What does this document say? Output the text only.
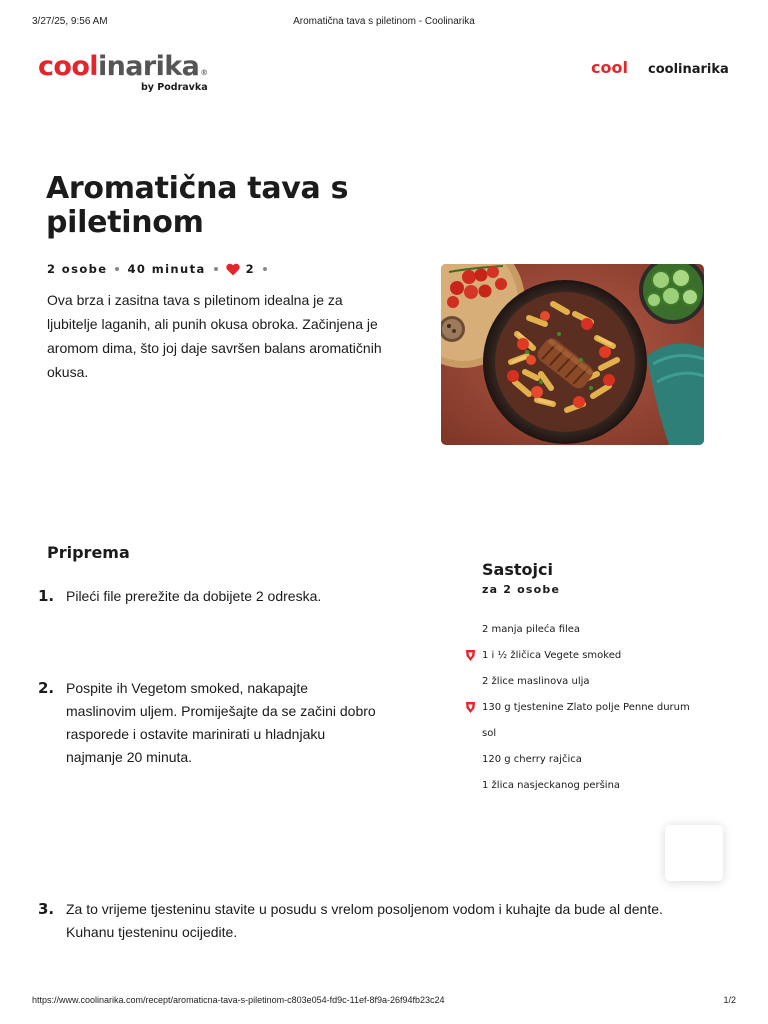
3/27/25, 9:56 AM	Aromatična tava s piletinom - Coolinarika
coolinarika®
by Podravka
cool coolinarika
Aromatična tava s piletinom
2 osobe 40 minuta	2

Ova brza i zasitna tava s piletinom idealna je za ljubitelje laganih, ali punih okusa obroka. Začinjena je aromom dima, što joj daje savršen balans aromatičnih okusa.

Priprema
1. Pileći file prerežite da dobijete 2 odreska.

2. Pospite ih Vegetom smoked, nakapajte maslinovim uljem. Promiješajte da se začini dobro rasporede i ostavite marinirati u hladnjaku najmanje 20 minuta.

3. Za to vrijeme tjesteninu stavite u posudu s vrelom posoljenom vodom i kuhajte da bude al dente. Kuhanu tjesteninu ocijedite.

Sastojci
za 2 osobe
2 manja pileća filea
1 i ½ žličica Vegete smoked
2 žlice maslinova ulja
130 g tjestenine Zlato polje Penne durum
sol
120 g cherry rajčica
1 žlica nasjeckanog peršina
https://www.coolinarika.com/recept/aromaticna-tava-s-piletinom-c803e054-fd9c-11ef-8f9a-26f94fb23c24	1/2
